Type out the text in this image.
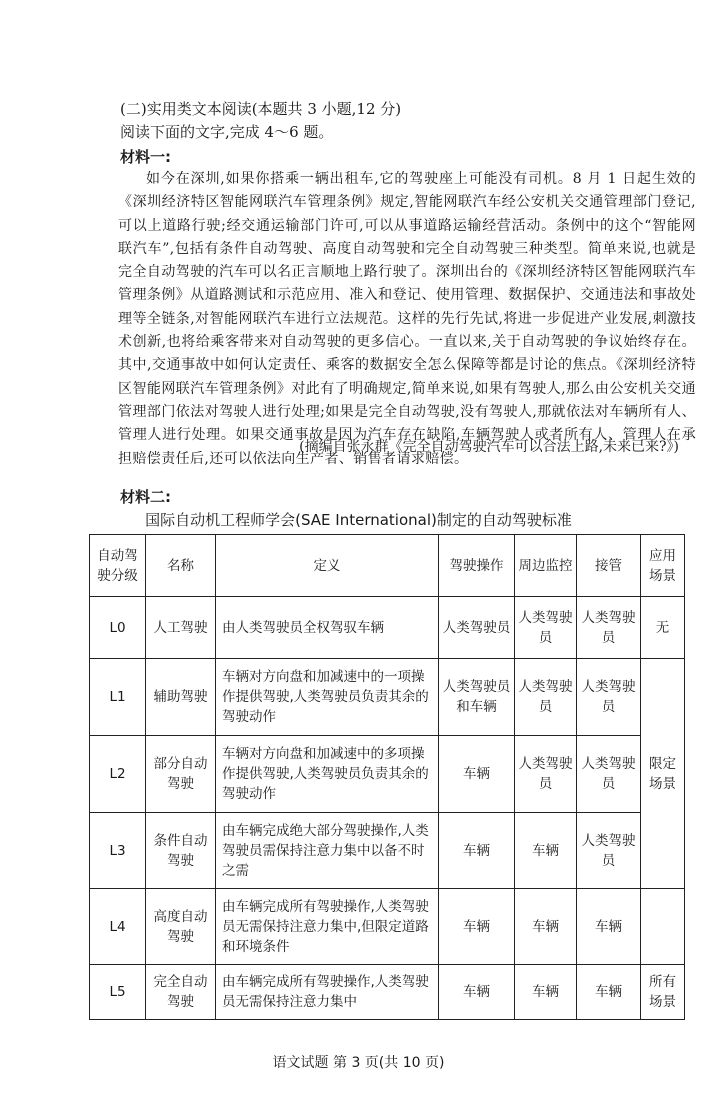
(二)实用类文本阅读(本题共 3 小题,12 分)
阅读下面的文字,完成 4～6 题。
材料一:
如今在深圳,如果你搭乘一辆出租车,它的驾驶座上可能没有司机。8 月 1 日起生效的《深圳经济特区智能网联汽车管理条例》规定,智能网联汽车经公安机关交通管理部门登记,可以上道路行驶;经交通运输部门许可,可以从事道路运输经营活动。条例中的这个“智能网联汽车”,包括有条件自动驾驶、高度自动驾驶和完全自动驾驶三种类型。简单来说,也就是完全自动驾驶的汽车可以名正言顺地上路行驶了。深圳出台的《深圳经济特区智能网联汽车管理条例》从道路测试和示范应用、准入和登记、使用管理、数据保护、交通违法和事故处理等全链条,对智能网联汽车进行立法规范。这样的先行先试,将进一步促进产业发展,刺激技术创新,也将给乘客带来对自动驾驶的更多信心。一直以来,关于自动驾驶的争议始终存在。其中,交通事故中如何认定责任、乘客的数据安全怎么保障等都是讨论的焦点。《深圳经济特区智能网联汽车管理条例》对此有了明确规定,简单来说,如果有驾驶人,那么由公安机关交通管理部门依法对驾驶人进行处理;如果是完全自动驾驶,没有驾驶人,那就依法对车辆所有人、管理人进行处理。如果交通事故是因为汽车存在缺陷,车辆驾驶人或者所有人、管理人在承担赔偿责任后,还可以依法向生产者、销售者请求赔偿。
(摘编自张永群《完全自动驾驶汽车可以合法上路,未来已来?》)
材料二:
国际自动机工程师学会(SAE International)制定的自动驾驶标准
自动驾驶分级	名称	定义	驾驶操作	周边监控	接管	应用场景
L0	人工驾驶	由人类驾驶员全权驾驭车辆	人类驾驶员	人类驾驶员	人类驾驶员	无
L1	辅助驾驶	车辆对方向盘和加减速中的一项操作提供驾驶,人类驾驶员负责其余的驾驶动作	人类驾驶员和车辆	人类驾驶员	人类驾驶员	限定场景
L2	部分自动驾驶	车辆对方向盘和加减速中的多项操作提供驾驶,人类驾驶员负责其余的驾驶动作	车辆	人类驾驶员	人类驾驶员	
L3	条件自动驾驶	由车辆完成绝大部分驾驶操作,人类驾驶员需保持注意力集中以备不时之需	车辆	车辆	人类驾驶员	
L4	高度自动驾驶	由车辆完成所有驾驶操作,人类驾驶员无需保持注意力集中,但限定道路和环境条件	车辆	车辆	车辆	
L5	完全自动驾驶	由车辆完成所有驾驶操作,人类驾驶员无需保持注意力集中	车辆	车辆	车辆	所有场景
语文试题 第 3 页(共 10 页)
